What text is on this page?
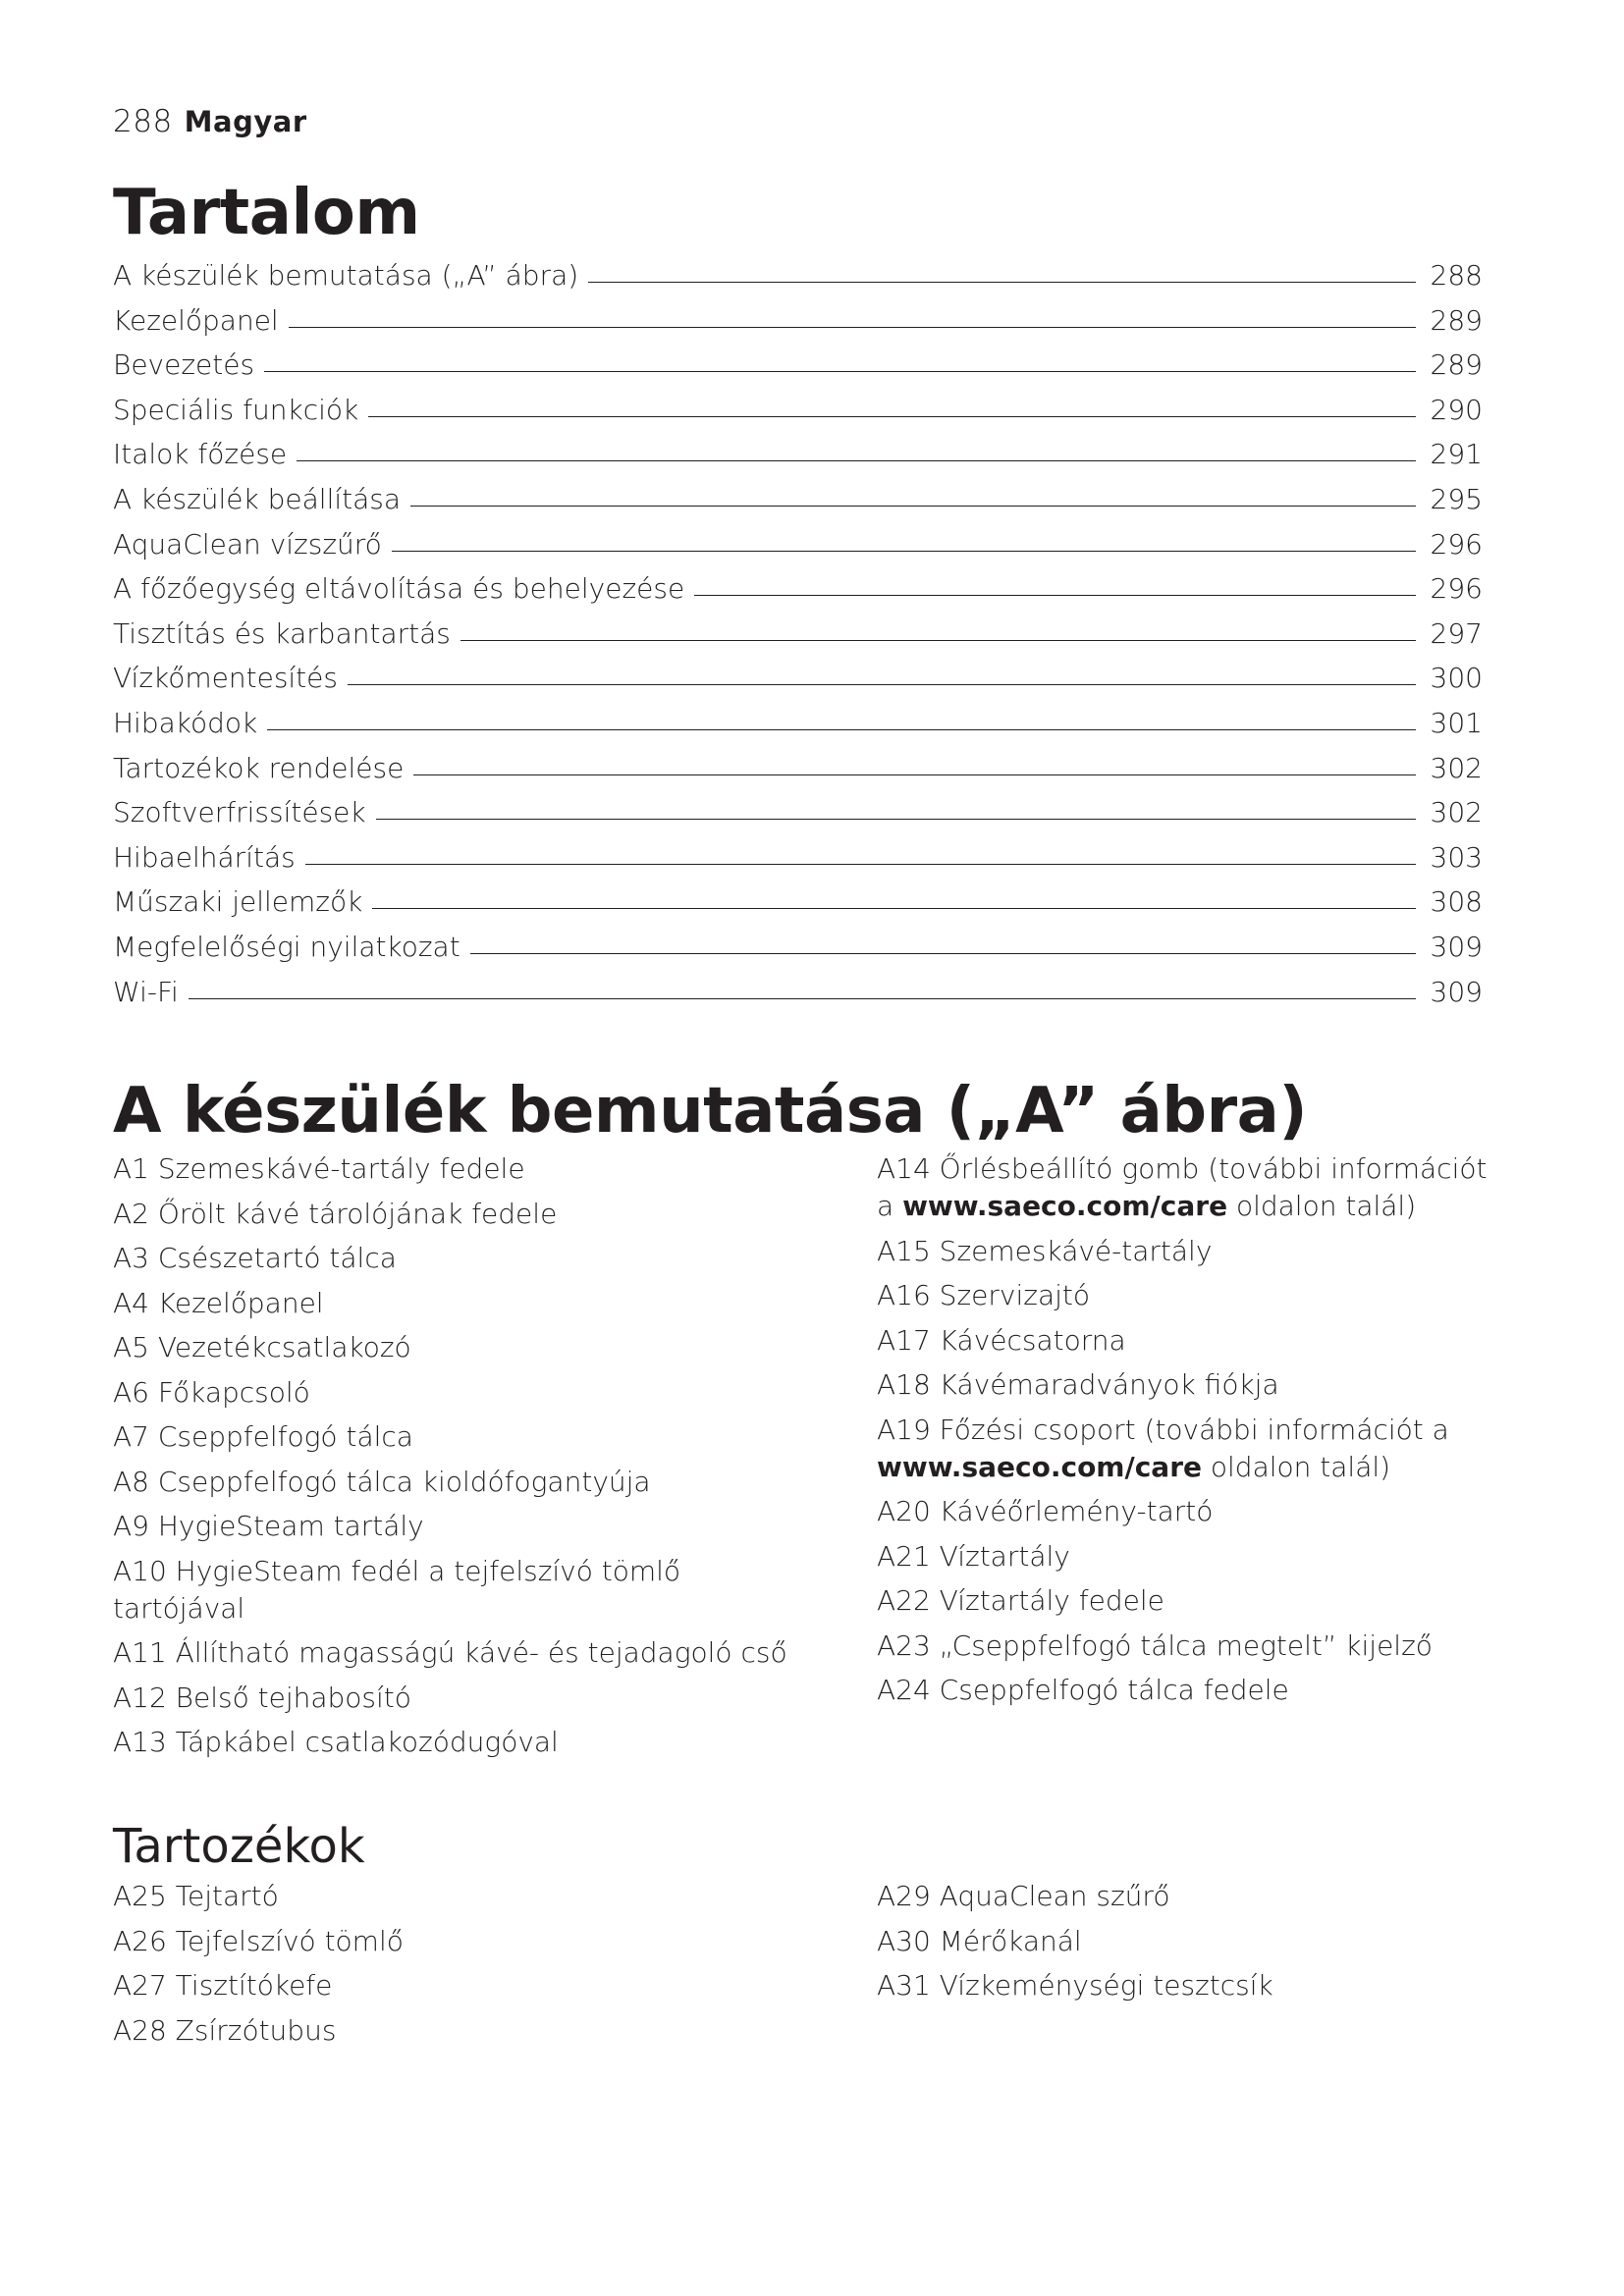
288 Magyar
Tartalom
A készülék bemutatása („A” ábra)	288
Kezelőpanel	289
Bevezetés	289
Speciális funkciók	290
Italok főzése	291
A készülék beállítása	295
AquaClean vízszűrő	296
A főzőegység eltávolítása és behelyezése	296
Tisztítás és karbantartás	297
Vízkőmentesítés	300
Hibakódok	301
Tartozékok rendelése	302
Szoftverfrissítések	302
Hibaelhárítás	303
Műszaki jellemzők	308
Megfelelőségi nyilatkozat	309
Wi-Fi	309
A készülék bemutatása („A” ábra)
A1 Szemeskávé-tartály fedele
A2 Őrölt kávé tárolójának fedele
A3 Csészetartó tálca
A4 Kezelőpanel
A5 Vezetékcsatlakozó
A6 Főkapcsoló
A7 Cseppfelfogó tálca
A8 Cseppfelfogó tálca kioldófogantyúja
A9 HygieSteam tartály
A10 HygieSteam fedél a tejfelszívó tömlő tartójával
A11 Állítható magasságú kávé- és tejadagoló cső
A12 Belső tejhabosító
A13 Tápkábel csatlakozódugóval
A14 Őrlésbeállító gomb (további információt a www.saeco.com/care oldalon talál)
A15 Szemeskávé-tartály
A16 Szervizajtó
A17 Kávécsatorna
A18 Kávémaradványok fiókja
A19 Főzési csoport (további információt a www.saeco.com/care oldalon talál)
A20 Kávéőrlemény-tartó
A21 Víztartály
A22 Víztartály fedele
A23 „Cseppfelfogó tálca megtelt” kijelző
A24 Cseppfelfogó tálca fedele
Tartozékok
A25 Tejtartó
A26 Tejfelszívó tömlő
A27 Tisztítókefe
A28 Zsírzótubus
A29 AquaClean szűrő
A30 Mérőkanál
A31 Vízkeménységi tesztcsík
